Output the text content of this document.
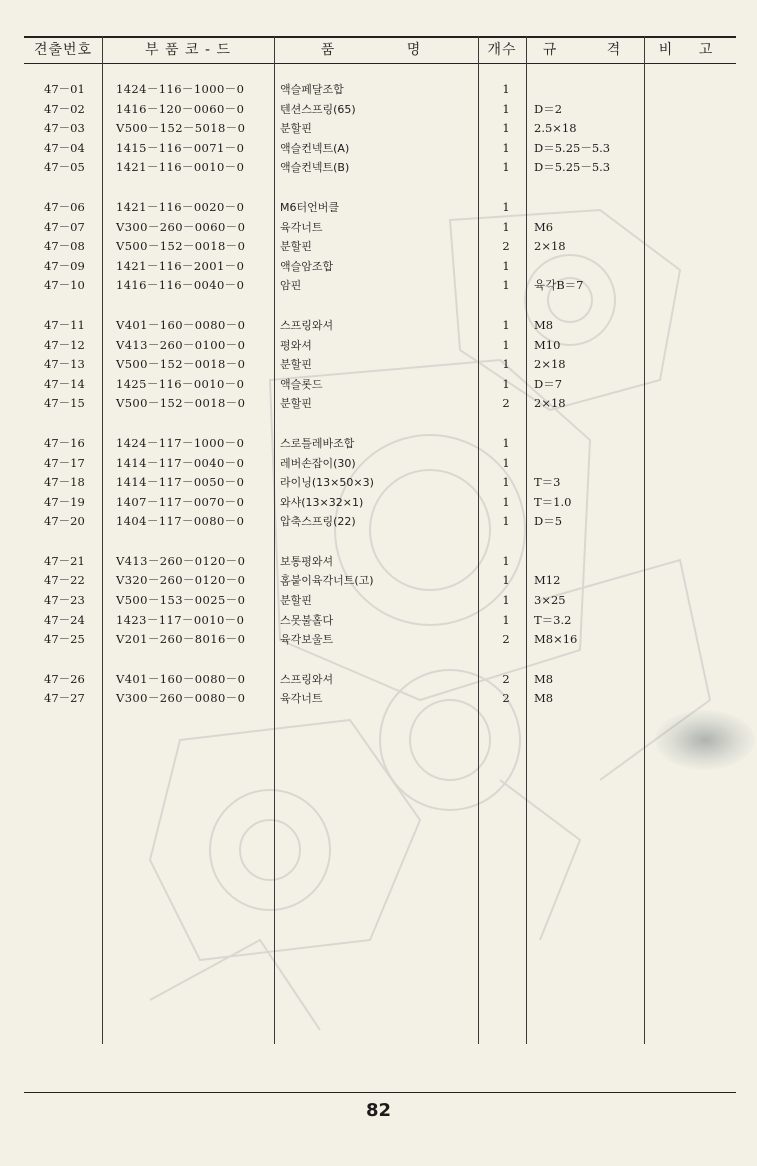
견출번호	부 품 코 - 드	품	명	개수	규	격	비 고
47－01	1424－116－1000－0	액슬페달조합	1
47－02	1416－120－0060－0	텐션스프링(65)	1	D＝2
47－03	V500－152－5018－0	분할핀	1	2.5×18
47－04	1415－116－0071－0	액슬컨넥트(A)	1	D＝5.25－5.3
47－05	1421－116－0010－0	액슬컨넥트(B)	1	D＝5.25－5.3
47－06	1421－116－0020－0	M6터언버클	1
47－07	V300－260－0060－0	육각너트	1	M6
47－08	V500－152－0018－0	분할핀	2	2×18
47－09	1421－116－2001－0	액슬암조합	1
47－10	1416－116－0040－0	암핀	1	육각B＝7
47－11	V401－160－0080－0	스프링와셔	1	M8
47－12	V413－260－0100－0	평와셔	1	M10
47－13	V500－152－0018－0	분할핀	1	2×18
47－14	1425－116－0010－0	액슬롯드	1	D＝7
47－15	V500－152－0018－0	분할핀	2	2×18
47－16	1424－117－1000－0	스로틀레바조합	1
47－17	1414－117－0040－0	레버손잡이(30)	1
47－18	1414－117－0050－0	라이닝(13×50×3)	1	T＝3
47－19	1407－117－0070－0	와샤(13×32×1)	1	T＝1.0
47－20	1404－117－0080－0	압축스프링(22)	1	D＝5
47－21	V413－260－0120－0	보통평와셔	1
47－22	V320－260－0120－0	홈붙이육각너트(고)	1	M12
47－23	V500－153－0025－0	분할핀	1	3×25
47－24	1423－117－0010－0	스못불홀다	1	T＝3.2
47－25	V201－260－8016－0	육각보울트	2	M8×16
47－26	V401－160－0080－0	스프링와셔	2	M8
47－27	V300－260－0080－0	육각너트	2	M8
82
